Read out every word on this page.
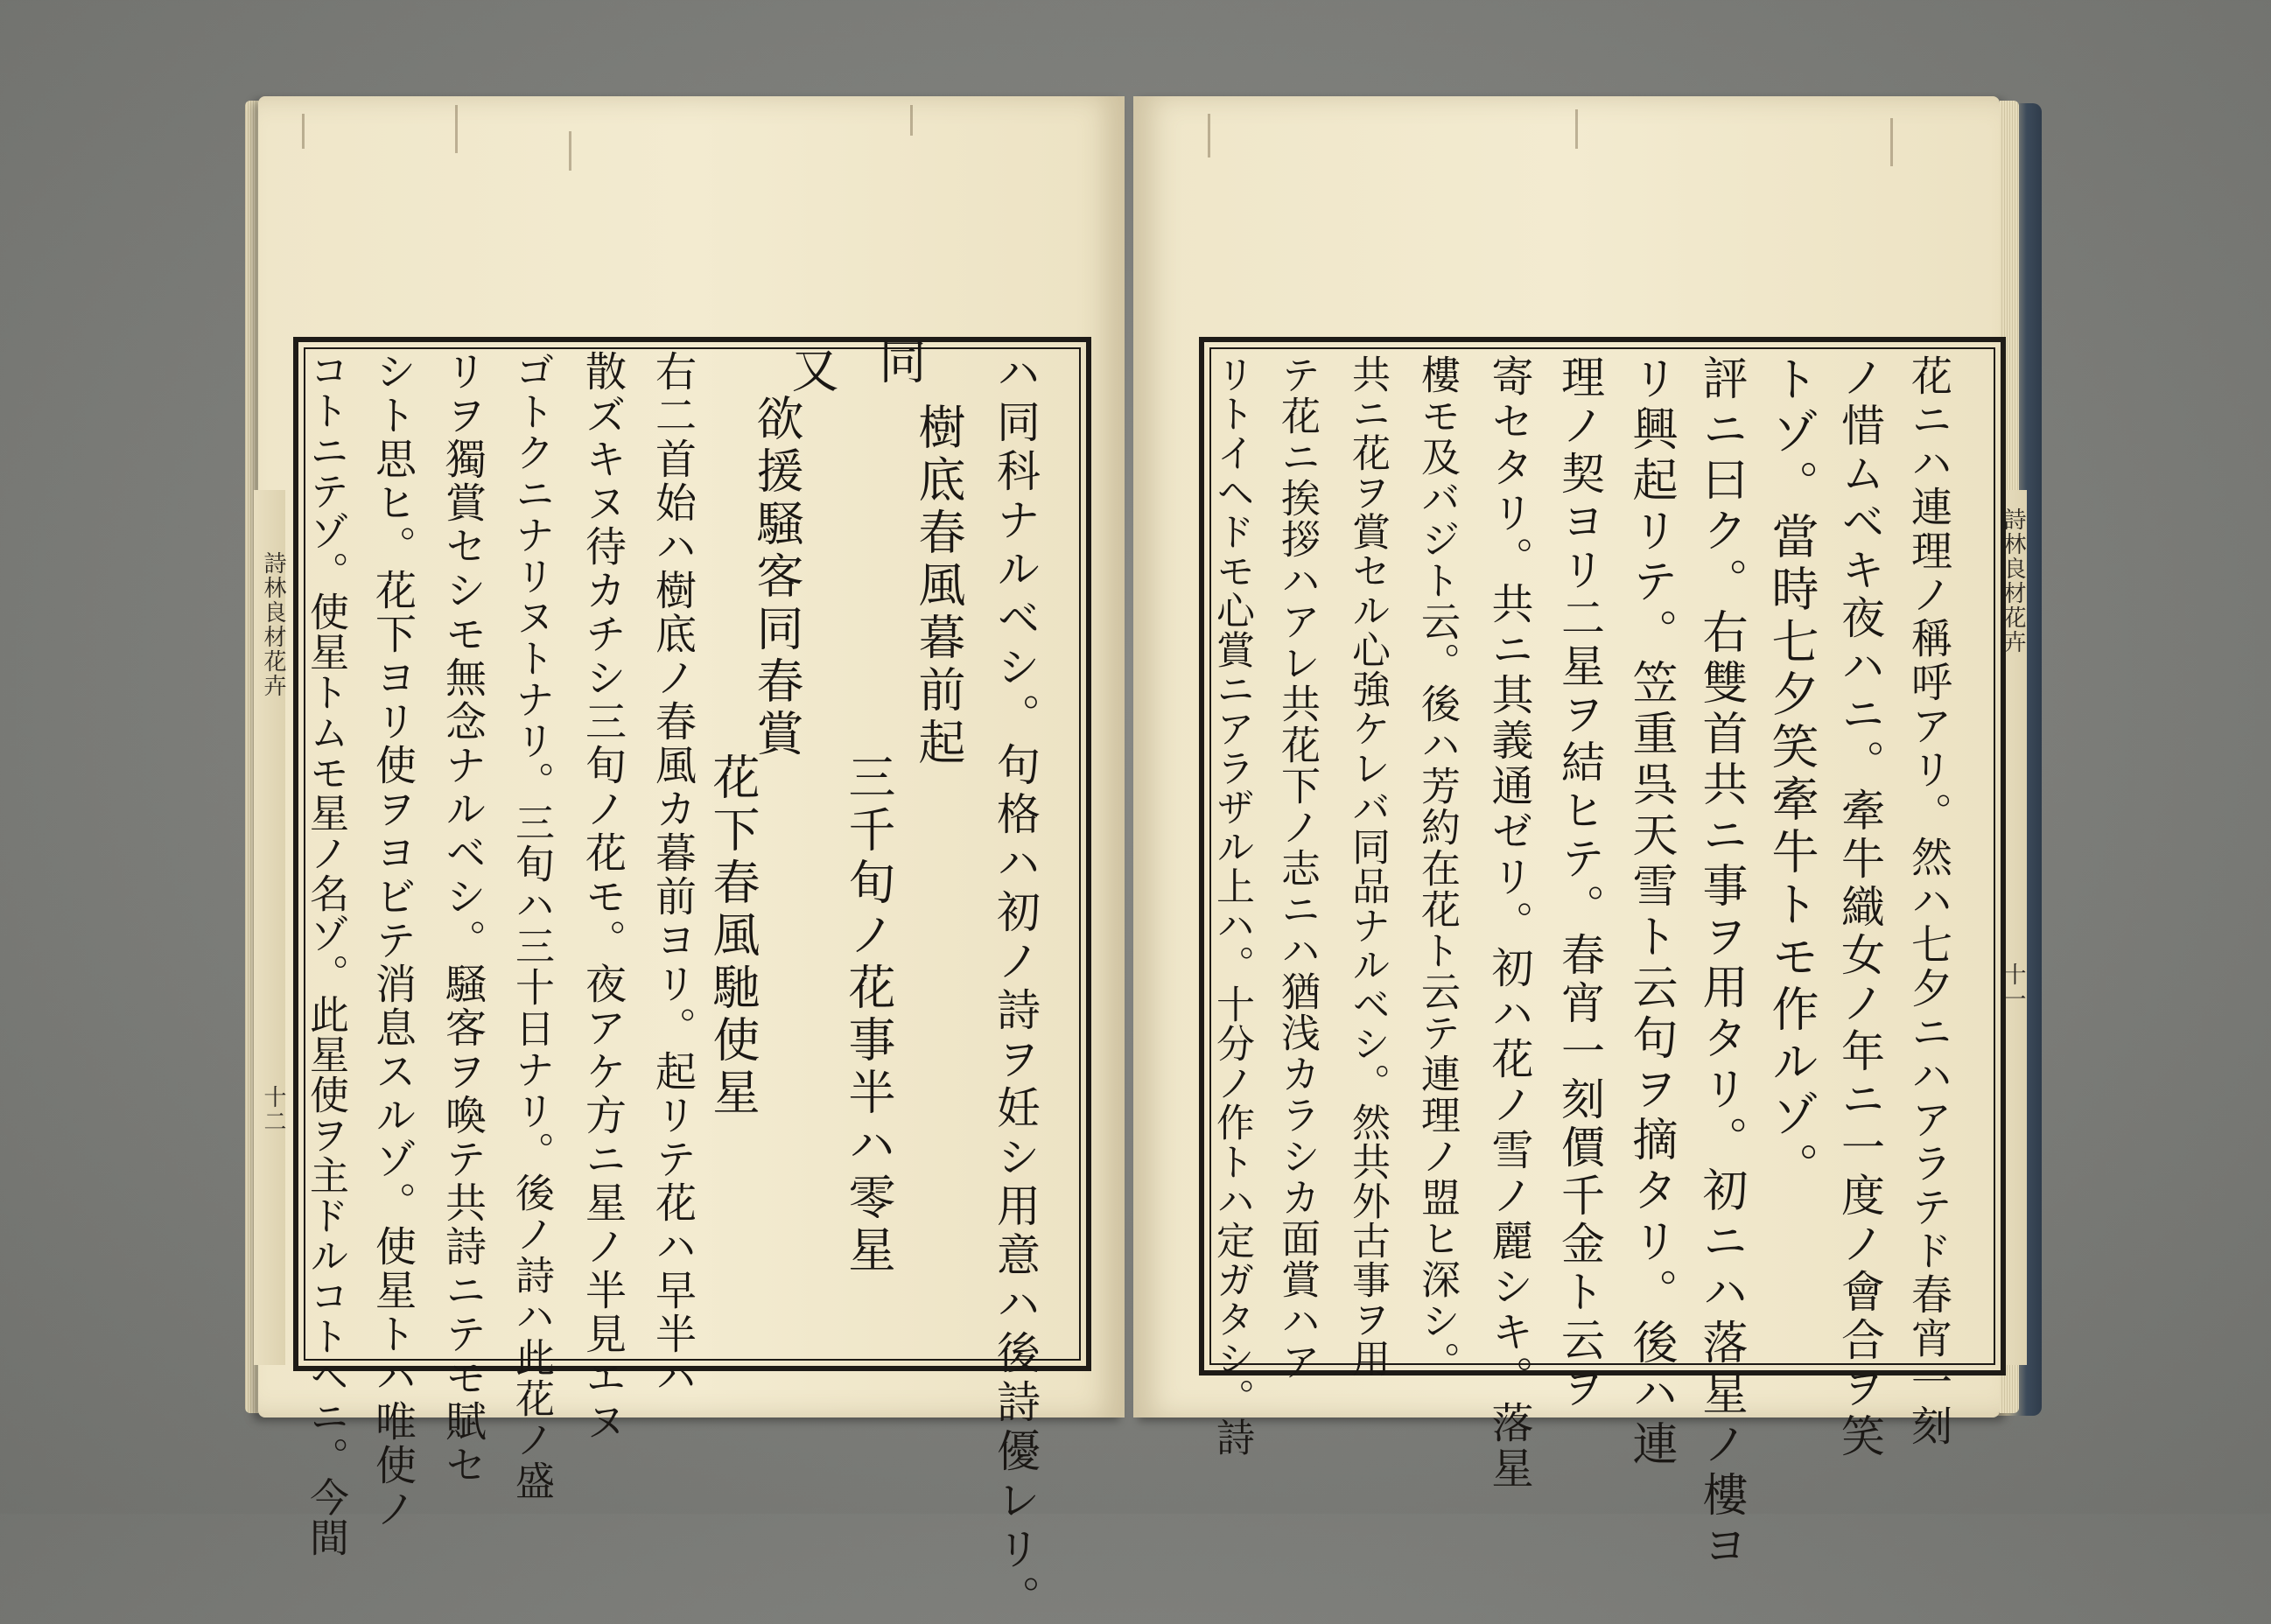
詩林良材花卉
十二
詩林良材花卉
十一
ハ同科ナルベシ。句格ハ初ノ詩ヲ妊シ用意ハ後詩優レリ。
樹底春風暮前起
同
三千旬ノ花事半ハ零星
又
欲援騒客同春賞
花下春風馳使星
右二首始ハ樹底ノ春風カ暮前ヨリ。起リテ花ハ早半ハ
散ズキヌ待カチシ三旬ノ花モ。夜アケ方ニ星ノ半見エヌ
ゴトクニナリヌトナリ。三旬ハ三十日ナリ。後ノ詩ハ此花ノ盛
リヲ獨賞セシモ無念ナルベシ。騒客ヲ喚テ共詩ニテモ賦セ
シト思ヒ。花下ヨリ使ヲヨビテ消息スルゾ。使星トハ唯使ノ
コトニテゾ。使星トムモ星ノ名ゾ。此星使ヲ主ドルコトヘニ。今間	花ニハ連理ノ稱呼アリ。然ハ七夕ニハアラテド春宵一刻
ノ惜ムベキ夜ハニ。牽牛織女ノ年ニ一度ノ會合ヲ笑
トゾ。當時七夕笑牽牛トモ作ルゾ。
評ニ曰ク。右雙首共ニ事ヲ用タリ。初ニハ落星ノ樓ヨ
リ興起リテ。笠重呉天雪ト云句ヲ摘タリ。後ハ連
理ノ契ヨリ二星ヲ結ヒテ。春宵一刻價千金ト云ヲ
寄セタリ。共ニ其義通ゼリ。初ハ花ノ雪ノ麗シキ。落星
樓モ及バジト云。後ハ芳約在花ト云テ連理ノ盟ヒ深シ。
共ニ花ヲ賞セル心強ケレバ同品ナルベシ。然共外古事ヲ用
テ花ニ挨拶ハアレ共花下ノ志ニハ猶浅カラシカ面賞ハア
リトイヘドモ心賞ニアラザル上ハ。十分ノ作トハ定ガタシ。詩
